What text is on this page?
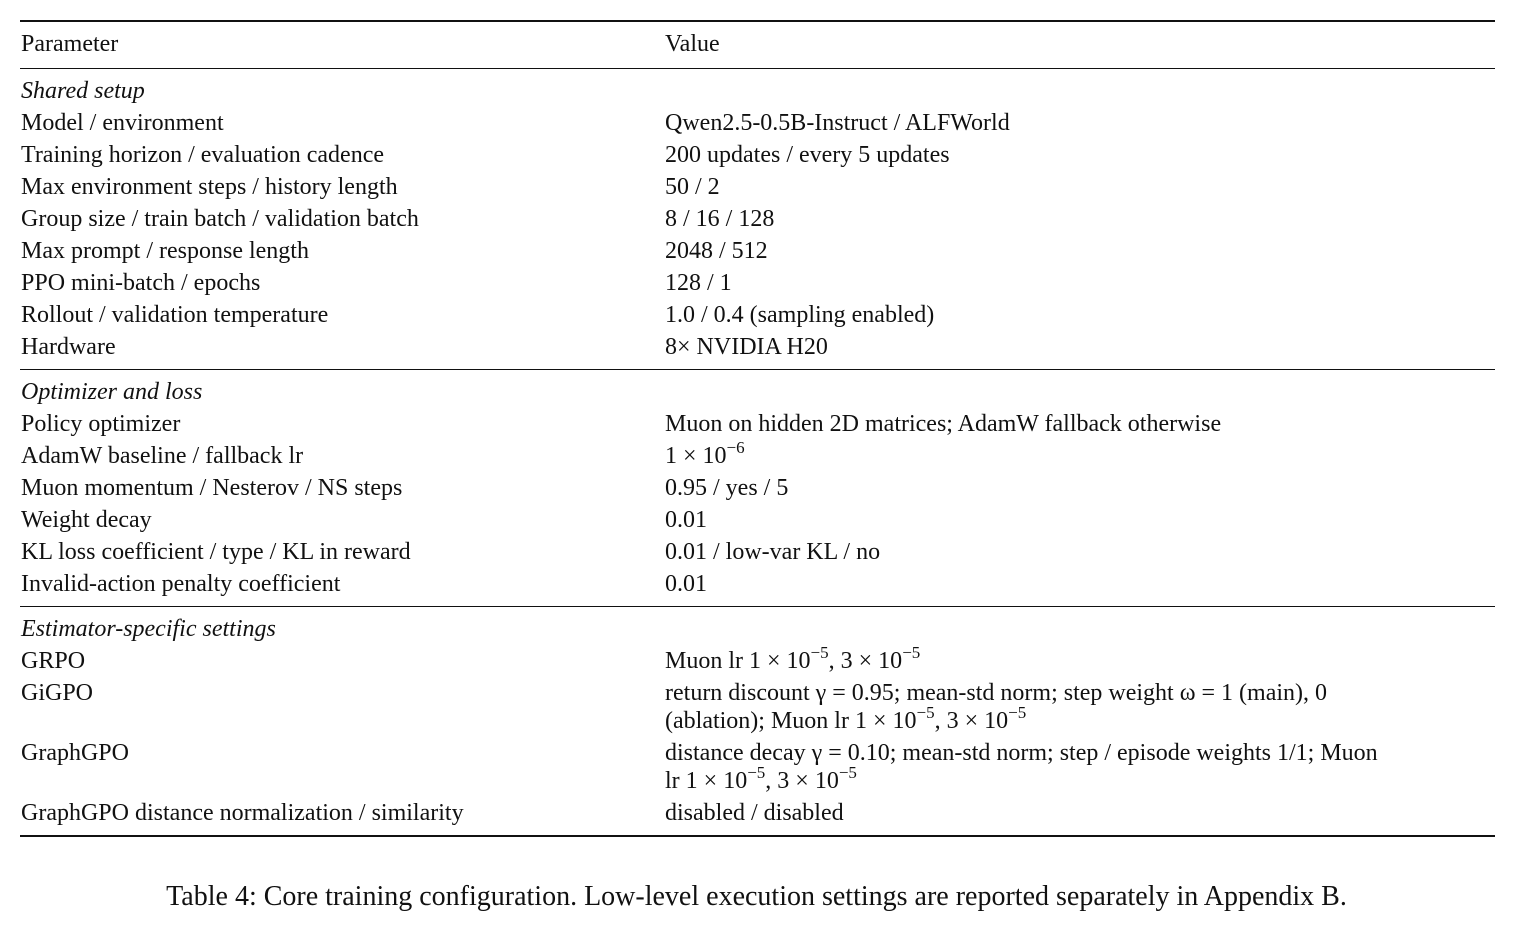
Parameter	Value

Shared setup	
Model / environment	Qwen2.5-0.5B-Instruct / ALFWorld
Training horizon / evaluation cadence	200 updates / every 5 updates
Max environment steps / history length	50 / 2
Group size / train batch / validation batch	8 / 16 / 128
Max prompt / response length	2048 / 512
PPO mini-batch / epochs	128 / 1
Rollout / validation temperature	1.0 / 0.4 (sampling enabled)
Hardware	8× NVIDIA H20

Optimizer and loss	
Policy optimizer	Muon on hidden 2D matrices; AdamW fallback otherwise
AdamW baseline / fallback lr	$1 \times 10^{-6}$
Muon momentum / Nesterov / NS steps	0.95 / yes / 5
Weight decay	0.01
KL loss coefficient / type / KL in reward	0.01 / low-var KL / no
Invalid-action penalty coefficient	0.01

Estimator-specific settings	
GRPO	Muon lr $1 \times 10^{-5}$, $3 \times 10^{-5}$
GiGPO	return discount γ = 0.95; mean-std norm; step weight ω = 1 (main), 0
(ablation); Muon lr $1 \times 10^{-5}$, $3 \times 10^{-5}$

GraphGPO	distance decay γ = 0.10; mean-std norm; step / episode weights 1/1; Muon
lr $1 \times 10^{-5}$, $3 \times 10^{-5}$

GraphGPO distance normalization / similarity	disabled / disabled

Table 4: Core training configuration. Low-level execution settings are reported separately in Appendix B.
